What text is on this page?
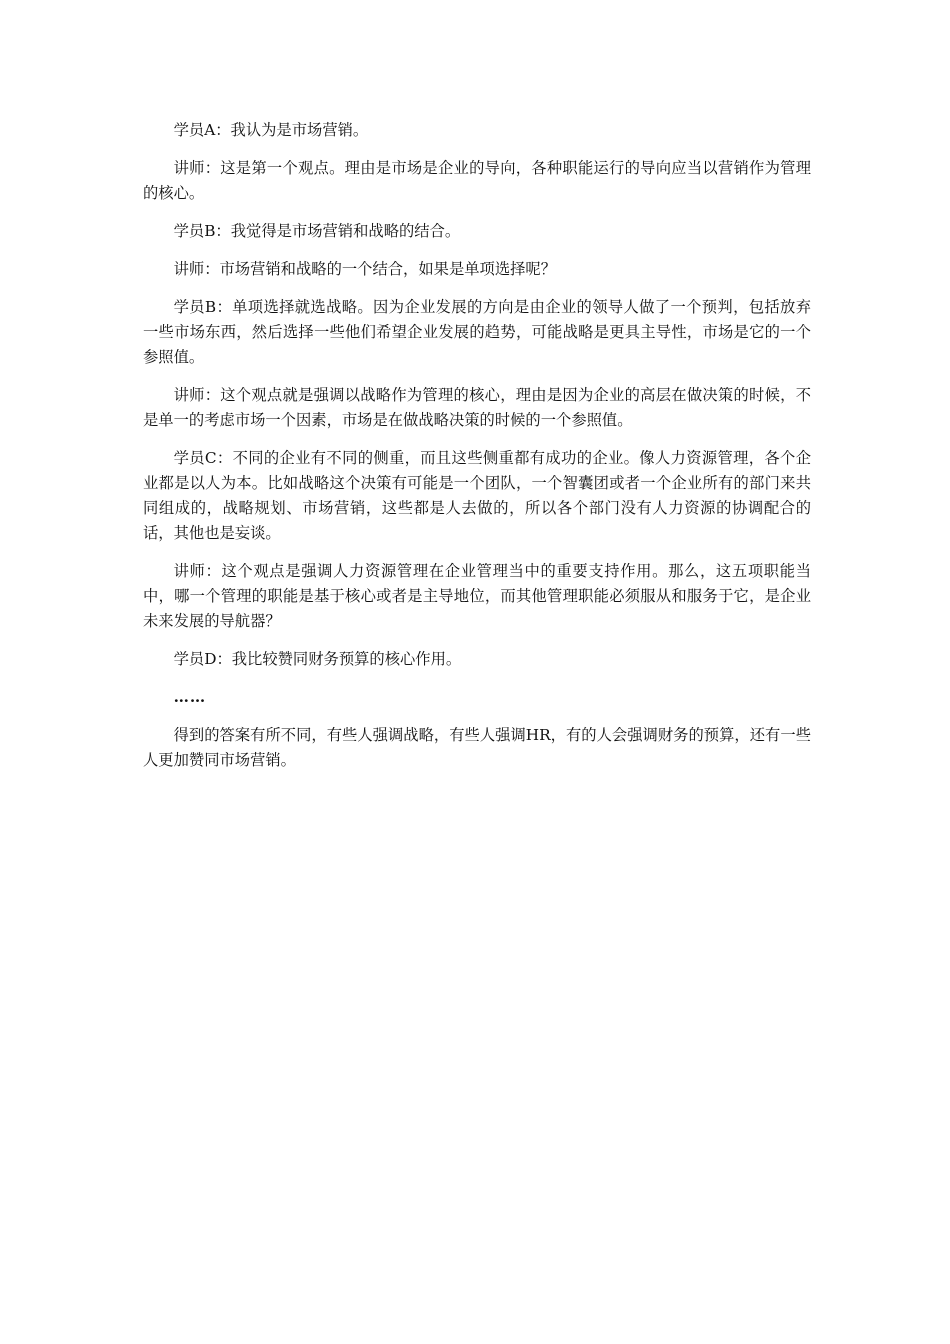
学员A：我认为是市场营销。

讲师：这是第一个观点。理由是市场是企业的导向，各种职能运行的导向应当以营销作为管理的核心。

学员B：我觉得是市场营销和战略的结合。

讲师：市场营销和战略的一个结合，如果是单项选择呢？

学员B：单项选择就选战略。因为企业发展的方向是由企业的领导人做了一个预判，包括放弃一些市场东西，然后选择一些他们希望企业发展的趋势，可能战略是更具主导性，市场是它的一个参照值。

讲师：这个观点就是强调以战略作为管理的核心，理由是因为企业的高层在做决策的时候，不是单一的考虑市场一个因素，市场是在做战略决策的时候的一个参照值。

学员C：不同的企业有不同的侧重，而且这些侧重都有成功的企业。像人力资源管理，各个企业都是以人为本。比如战略这个决策有可能是一个团队，一个智囊团或者一个企业所有的部门来共同组成的，战略规划、市场营销，这些都是人去做的，所以各个部门没有人力资源的协调配合的话，其他也是妄谈。

讲师：这个观点是强调人力资源管理在企业管理当中的重要支持作用。那么，这五项职能当中，哪一个管理的职能是基于核心或者是主导地位，而其他管理职能必须服从和服务于它，是企业未来发展的导航器？

学员D：我比较赞同财务预算的核心作用。

……

得到的答案有所不同，有些人强调战略，有些人强调HR，有的人会强调财务的预算，还有一些人更加赞同市场营销。
